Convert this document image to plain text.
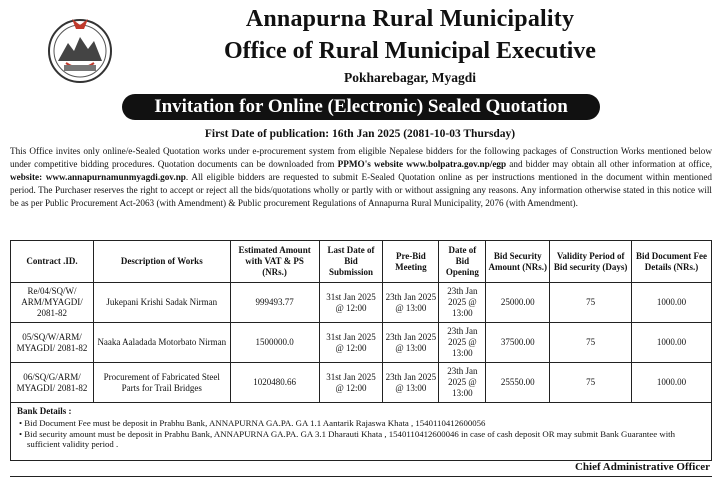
Annapurna Rural Municipality
Office of Rural Municipal Executive
Pokharebagar, Myagdi
Invitation for Online (Electronic) Sealed Quotation
First Date of publication: 16th Jan 2025 (2081-10-03 Thursday)

This Office invites only online/e-Sealed Quotation works under e-procurement system from eligible Nepalese bidders for the following packages of Construction Works mentioned below under competitive bidding procedures. Quotation documents can be downloaded from PPMO's website www.bolpatra.gov.np/egp and bidder may obtain all other information at office, website: www.annapurnamunmyagdi.gov.np. All eligible bidders are requested to submit E-Sealed Quotation online as per instructions mentioned in the document within mentioned period. The Purchaser reserves the right to accept or reject all the bids/quotations wholly or partly with or without assigning any reasons. Any information otherwise stated in this notice will be as per Public Procurement Act-2063 (with Amendment) & Public procurement Regulations of Annapurna Rural Municipality, 2076 (with Amendment).

Contract .ID.	Description of Works	Estimated Amount with VAT & PS (NRs.)	Last Date of Bid Submission	Pre-Bid Meeting	Date of Bid Opening	Bid Security Amount (NRs.)	Validity Period of Bid security (Days)	Bid Document Fee Details (NRs.)
Re/04/SQ/W/ ARM/MYAGDI/ 2081-82	Jukepani Krishi Sadak Nirman	999493.77	31st Jan 2025 @ 12:00	23th Jan 2025 @ 13:00	23th Jan 2025 @ 13:00	25000.00	75	1000.00
05/SQ/W/ARM/ MYAGDI/ 2081-82	Naaka Aaladada Motorbato Nirman	1500000.0	31st Jan 2025 @ 12:00	23th Jan 2025 @ 13:00	23th Jan 2025 @ 13:00	37500.00	75	1000.00
06/SQ/G/ARM/ MYAGDI/ 2081-82	Procurement of Fabricated Steel Parts for Trail Bridges	1020480.66	31st Jan 2025 @ 12:00	23th Jan 2025 @ 13:00	23th Jan 2025 @ 13:00	25550.00	75	1000.00

Bank Details :
• Bid Document Fee must be deposit in Prabhu Bank, ANNAPURNA GA.PA. GA 1.1 Aantarik Rajaswa Khata , 1540110412600056
• Bid security amount must be deposit in Prabhu Bank, ANNAPURNA GA.PA. GA 3.1 Dharauti Khata , 1540110412600046 in case of cash deposit OR may submit Bank Guarantee with sufficient validity period .
Chief Administrative Officer
